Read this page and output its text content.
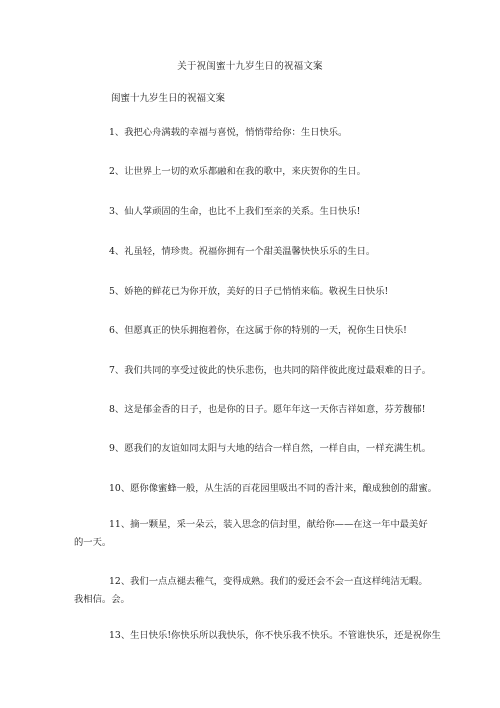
关于祝闺蜜十九岁生日的祝福文案
闺蜜十九岁生日的祝福文案
1、我把心舟满载的幸福与喜悦，悄悄带给你：生日快乐。
2、让世界上一切的欢乐都融和在我的歌中，来庆贺你的生日。
3、仙人掌顽固的生命，也比不上我们至亲的关系。生日快乐!
4、礼虽轻，情珍贵。祝福你拥有一个甜美温馨快快乐乐的生日。
5、娇艳的鲜花已为你开放，美好的日子已悄悄来临。敬祝生日快乐!
6、但愿真正的快乐拥抱着你，在这属于你的特别的一天，祝你生日快乐!
7、我们共同的享受过彼此的快乐悲伤，也共同的陪伴彼此度过最艰难的日子。
8、这是郁金香的日子，也是你的日子。愿年年这一天你吉祥如意，芬芳馥郁!
9、愿我们的友谊如同太阳与大地的结合一样自然，一样自由，一样充满生机。
10、愿你像蜜蜂一般，从生活的百花园里吸出不同的香汁来，酿成独创的甜蜜。
11、摘一颗星，采一朵云，装入思念的信封里，献给你——在这一年中最美好的一天。
12、我们一点点褪去稚气，变得成熟。我们的爱还会不会一直这样纯洁无暇。我相信。会。
13、生日快乐!你快乐所以我快乐，你不快乐我不快乐。不管谁快乐，还是祝你生
